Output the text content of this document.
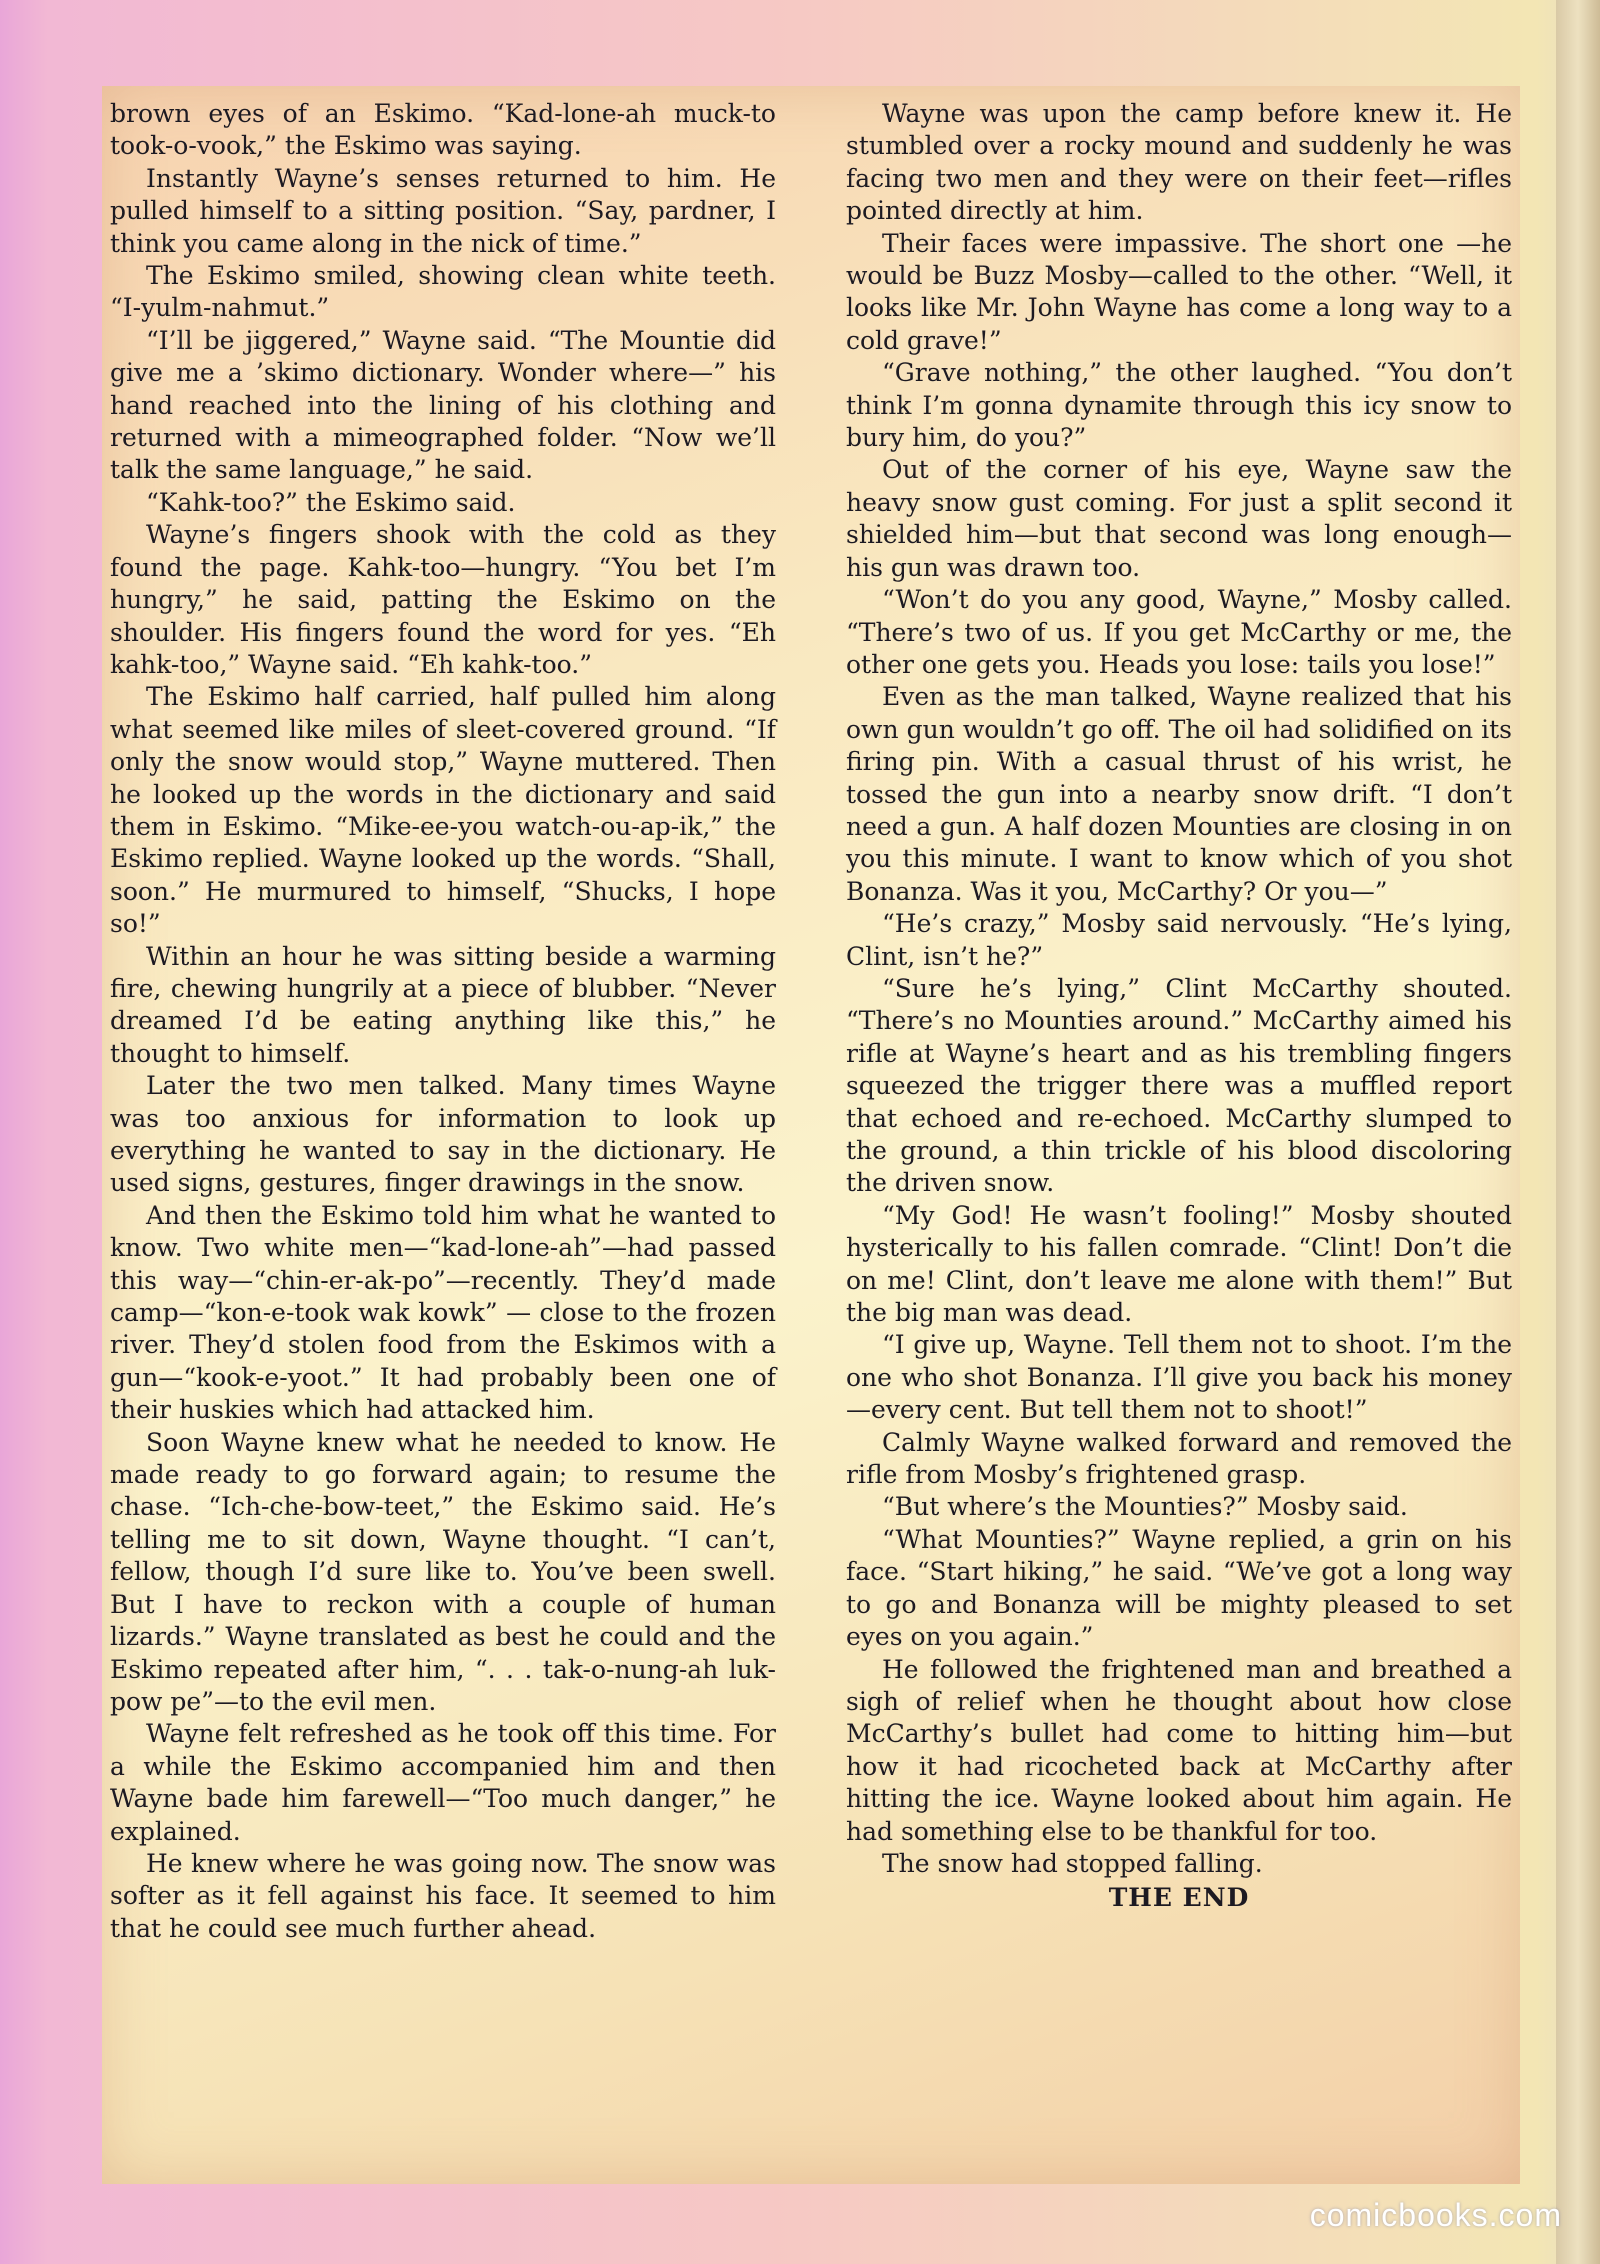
brown eyes of an Eskimo. “Kad-lone-ah muck-to took-o-vook,” the Eskimo was saying.

Instantly Wayne’s senses returned to him. He pulled himself to a sitting position. “Say, pardner, I think you came along in the nick of time.”

The Eskimo smiled, showing clean white teeth. “I-yulm-nahmut.”

“I’ll be jiggered,” Wayne said. “The Mountie did give me a ’skimo dictionary. Wonder where—” his hand reached into the lining of his clothing and returned with a mimeographed folder. “Now we’ll talk the same language,” he said.

“Kahk-too?” the Eskimo said.

Wayne’s fingers shook with the cold as they found the page. Kahk-too—hungry. “You bet I’m hungry,” he said, patting the Eskimo on the shoulder. His fingers found the word for yes. “Eh kahk-too,” Wayne said. “Eh kahk-too.”

The Eskimo half carried, half pulled him along what seemed like miles of sleet-covered ground. “If only the snow would stop,” Wayne muttered. Then he looked up the words in the dictionary and said them in Eskimo. “Mike-ee-you watch-ou-ap-ik,” the Eskimo replied. Wayne looked up the words. “Shall, soon.” He murmured to himself, “Shucks, I hope so!”

Within an hour he was sitting beside a warming fire, chewing hungrily at a piece of blubber. “Never dreamed I’d be eating anything like this,” he thought to himself.

Later the two men talked. Many times Wayne was too anxious for information to look up everything he wanted to say in the dictionary. He used signs, gestures, finger drawings in the snow.

And then the Eskimo told him what he wanted to know. Two white men—“kad-lone-ah”—had passed this way—“chin-er-ak-po”—recently. They’d made camp—“kon-e-took wak kowk” — close to the frozen river. They’d stolen food from the Eskimos with a gun—“kook-e-yoot.” It had probably been one of their huskies which had attacked him.

Soon Wayne knew what he needed to know. He made ready to go forward again; to resume the chase. “Ich-che-bow-teet,” the Eskimo said. He’s telling me to sit down, Wayne thought. “I can’t, fellow, though I’d sure like to. You’ve been swell. But I have to reckon with a couple of human lizards.” Wayne translated as best he could and the Eskimo repeated after him, “. . . tak-o-nung-ah luk-pow pe”—to the evil men.

Wayne felt refreshed as he took off this time. For a while the Eskimo accompanied him and then Wayne bade him farewell—“Too much danger,” he explained.

He knew where he was going now. The snow was softer as it fell against his face. It seemed to him that he could see much further ahead.

Wayne was upon the camp before knew it. He stumbled over a rocky mound and suddenly he was facing two men and they were on their feet—rifles pointed directly at him.

Their faces were impassive. The short one —he would be Buzz Mosby—called to the other. “Well, it looks like Mr. John Wayne has come a long way to a cold grave!”

“Grave nothing,” the other laughed. “You don’t think I’m gonna dynamite through this icy snow to bury him, do you?”

Out of the corner of his eye, Wayne saw the heavy snow gust coming. For just a split second it shielded him—but that second was long enough—his gun was drawn too.

“Won’t do you any good, Wayne,” Mosby called. “There’s two of us. If you get McCarthy or me, the other one gets you. Heads you lose: tails you lose!”

Even as the man talked, Wayne realized that his own gun wouldn’t go off. The oil had solidified on its firing pin. With a casual thrust of his wrist, he tossed the gun into a nearby snow drift. “I don’t need a gun. A half dozen Mounties are closing in on you this minute. I want to know which of you shot Bonanza. Was it you, McCarthy? Or you—”

“He’s crazy,” Mosby said nervously. “He’s lying, Clint, isn’t he?”

“Sure he’s lying,” Clint McCarthy shouted. “There’s no Mounties around.” McCarthy aimed his rifle at Wayne’s heart and as his trembling fingers squeezed the trigger there was a muffled report that echoed and re-echoed. McCarthy slumped to the ground, a thin trickle of his blood discoloring the driven snow.

“My God! He wasn’t fooling!” Mosby shouted hysterically to his fallen comrade. “Clint! Don’t die on me! Clint, don’t leave me alone with them!” But the big man was dead.

“I give up, Wayne. Tell them not to shoot. I’m the one who shot Bonanza. I’ll give you back his money—every cent. But tell them not to shoot!”

Calmly Wayne walked forward and removed the rifle from Mosby’s frightened grasp.

“But where’s the Mounties?” Mosby said.

“What Mounties?” Wayne replied, a grin on his face. “Start hiking,” he said. “We’ve got a long way to go and Bonanza will be mighty pleased to set eyes on you again.”

He followed the frightened man and breathed a sigh of relief when he thought about how close McCarthy’s bullet had come to hitting him—but how it had ricocheted back at McCarthy after hitting the ice. Wayne looked about him again. He had something else to be thankful for too.

The snow had stopped falling.

THE END

comicbooks.com
